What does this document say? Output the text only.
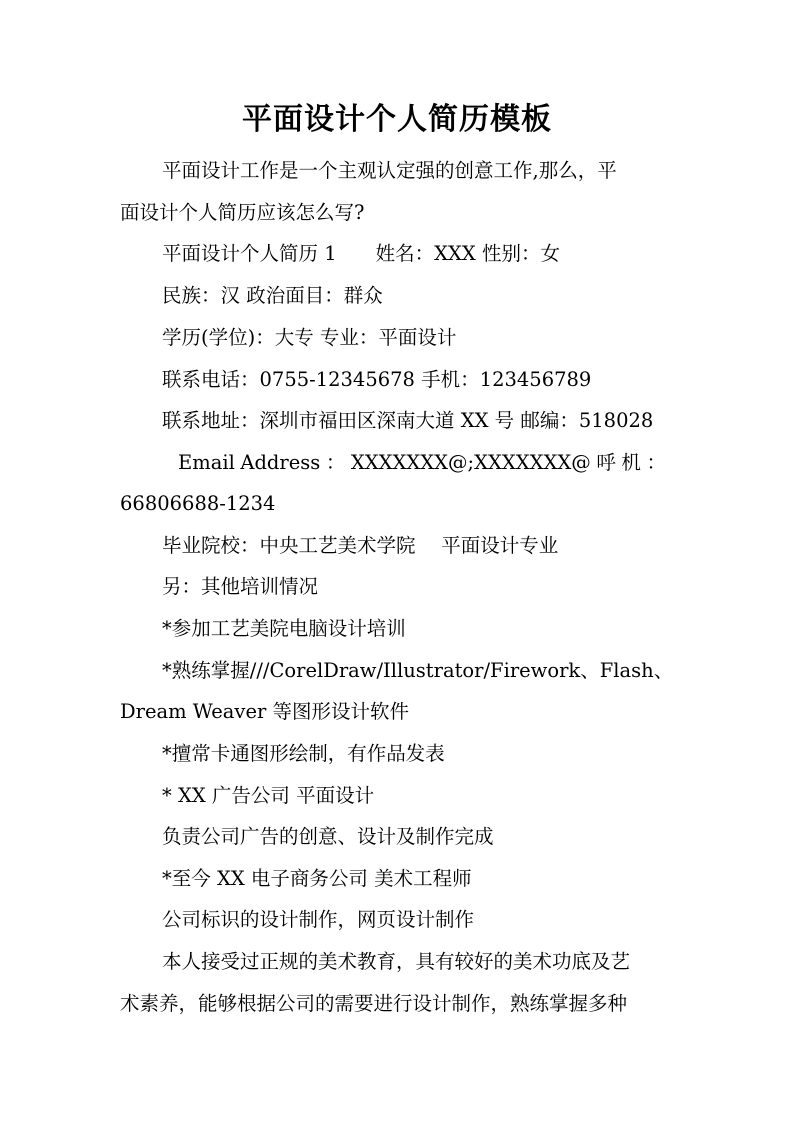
平面设计个人简历模板
平面设计工作是一个主观认定强的创意工作,那么，平
面设计个人简历应该怎么写?
平面设计个人简历 1　　姓名：XXX 性别：女
民族：汉 政治面目：群众
学历(学位)：大专 专业：平面设计
联系电话：0755-12345678 手机：123456789
联系地址：深圳市福田区深南大道 XX 号 邮编：518028
Email Address ： XXXXXXX@;XXXXXXX@ 呼 机 ：
66806688-1234
毕业院校：中央工艺美术学院　 平面设计专业
另：其他培训情况
*参加工艺美院电脑设计培训
*熟练掌握///CorelDraw/Illustrator/Firework、Flash、
Dream Weaver 等图形设计软件
*擅常卡通图形绘制，有作品发表
* XX 广告公司 平面设计
负责公司广告的创意、设计及制作完成
*至今 XX 电子商务公司 美术工程师
公司标识的设计制作，网页设计制作
本人接受过正规的美术教育，具有较好的美术功底及艺
术素养，能够根据公司的需要进行设计制作，熟练掌握多种
